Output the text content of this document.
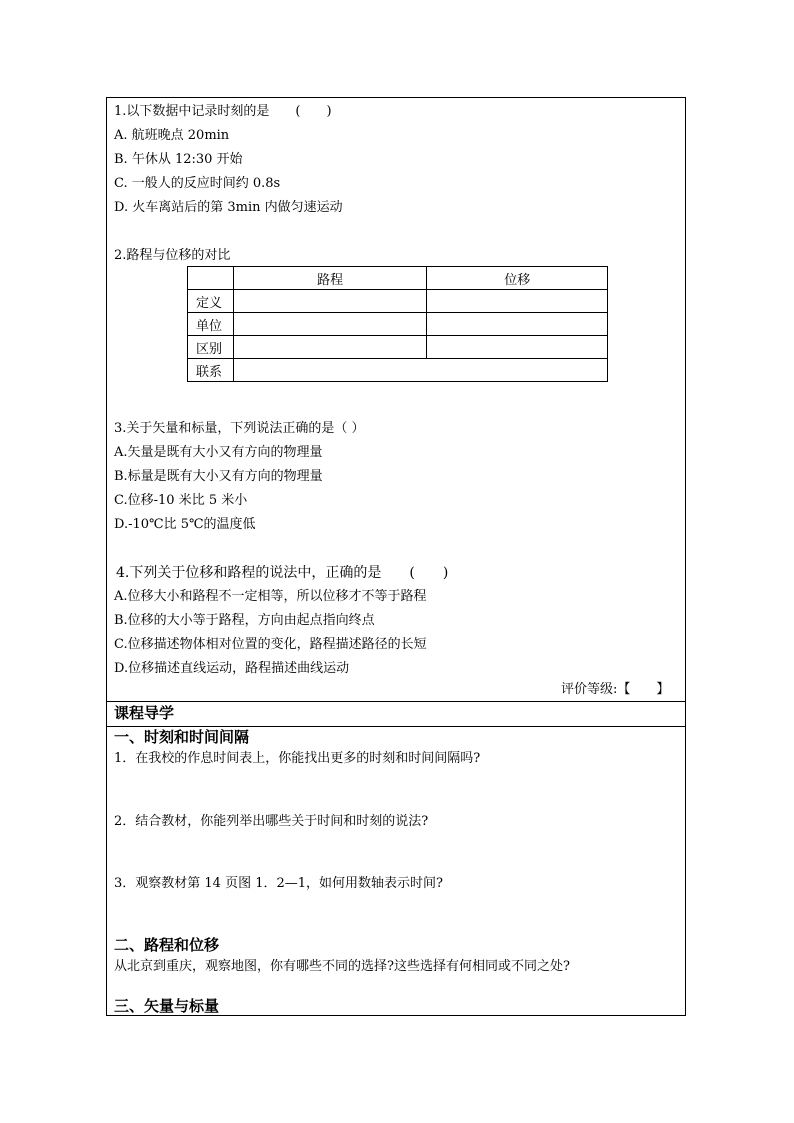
1.以下数据中记录时刻的是　　(　　)
A. 航班晚点 20min
B. 午休从 12:30 开始
C. 一般人的反应时间约 0.8s
D. 火车离站后的第 3min 内做匀速运动
2.路程与位移的对比
	路程	位移
定义		
单位		
区别		
联系		
3.关于矢量和标量，下列说法正确的是（ ）
A.矢量是既有大小又有方向的物理量
B.标量是既有大小又有方向的物理量
C.位移-10 米比 5 米小
D.-10℃比 5℃的温度低
4.下列关于位移和路程的说法中，正确的是　　(　　)
A.位移大小和路程不一定相等，所以位移才不等于路程
B.位移的大小等于路程，方向由起点指向终点
C.位移描述物体相对位置的变化，路程描述路径的长短
D.位移描述直线运动，路程描述曲线运动
评价等级:【　　】
课程导学
一、时刻和时间间隔
1．在我校的作息时间表上，你能找出更多的时刻和时间间隔吗?
2．结合教材，你能列举出哪些关于时间和时刻的说法?
3．观察教材第 14 页图 1．2—1，如何用数轴表示时间?
二、路程和位移
从北京到重庆，观察地图，你有哪些不同的选择?这些选择有何相同或不同之处?
三、矢量与标量
